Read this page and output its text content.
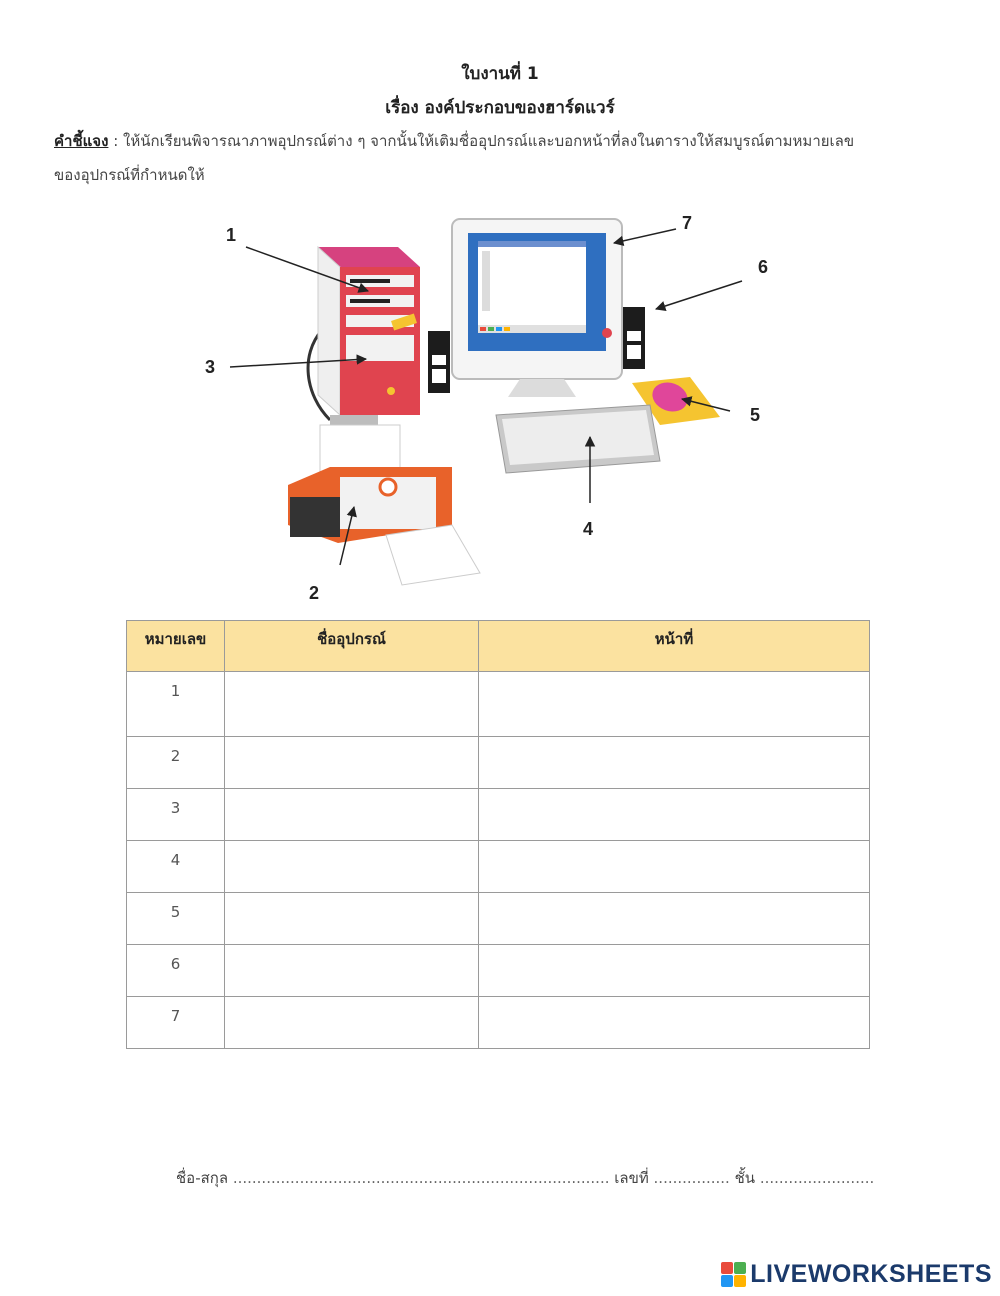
ใบงานที่ 1
เรื่อง องค์ประกอบของฮาร์ดแวร์
คำชี้แจง : ให้นักเรียนพิจารณาภาพอุปกรณ์ต่าง ๆ จากนั้นให้เติมชื่ออุปกรณ์และบอกหน้าที่ลงในตารางให้สมบูรณ์ตามหมายเลข
ของอุปกรณ์ที่กำหนดให้
1
2
3
4
5
6
7
หมายเลข	ชื่ออุปกรณ์	หน้าที่
1		
2		
3		
4		
5		
6		
7		
ชื่อ-สกุล ............................................................................... เลขที่ ................ ชั้น ........................
LIVEWORKSHEETS
